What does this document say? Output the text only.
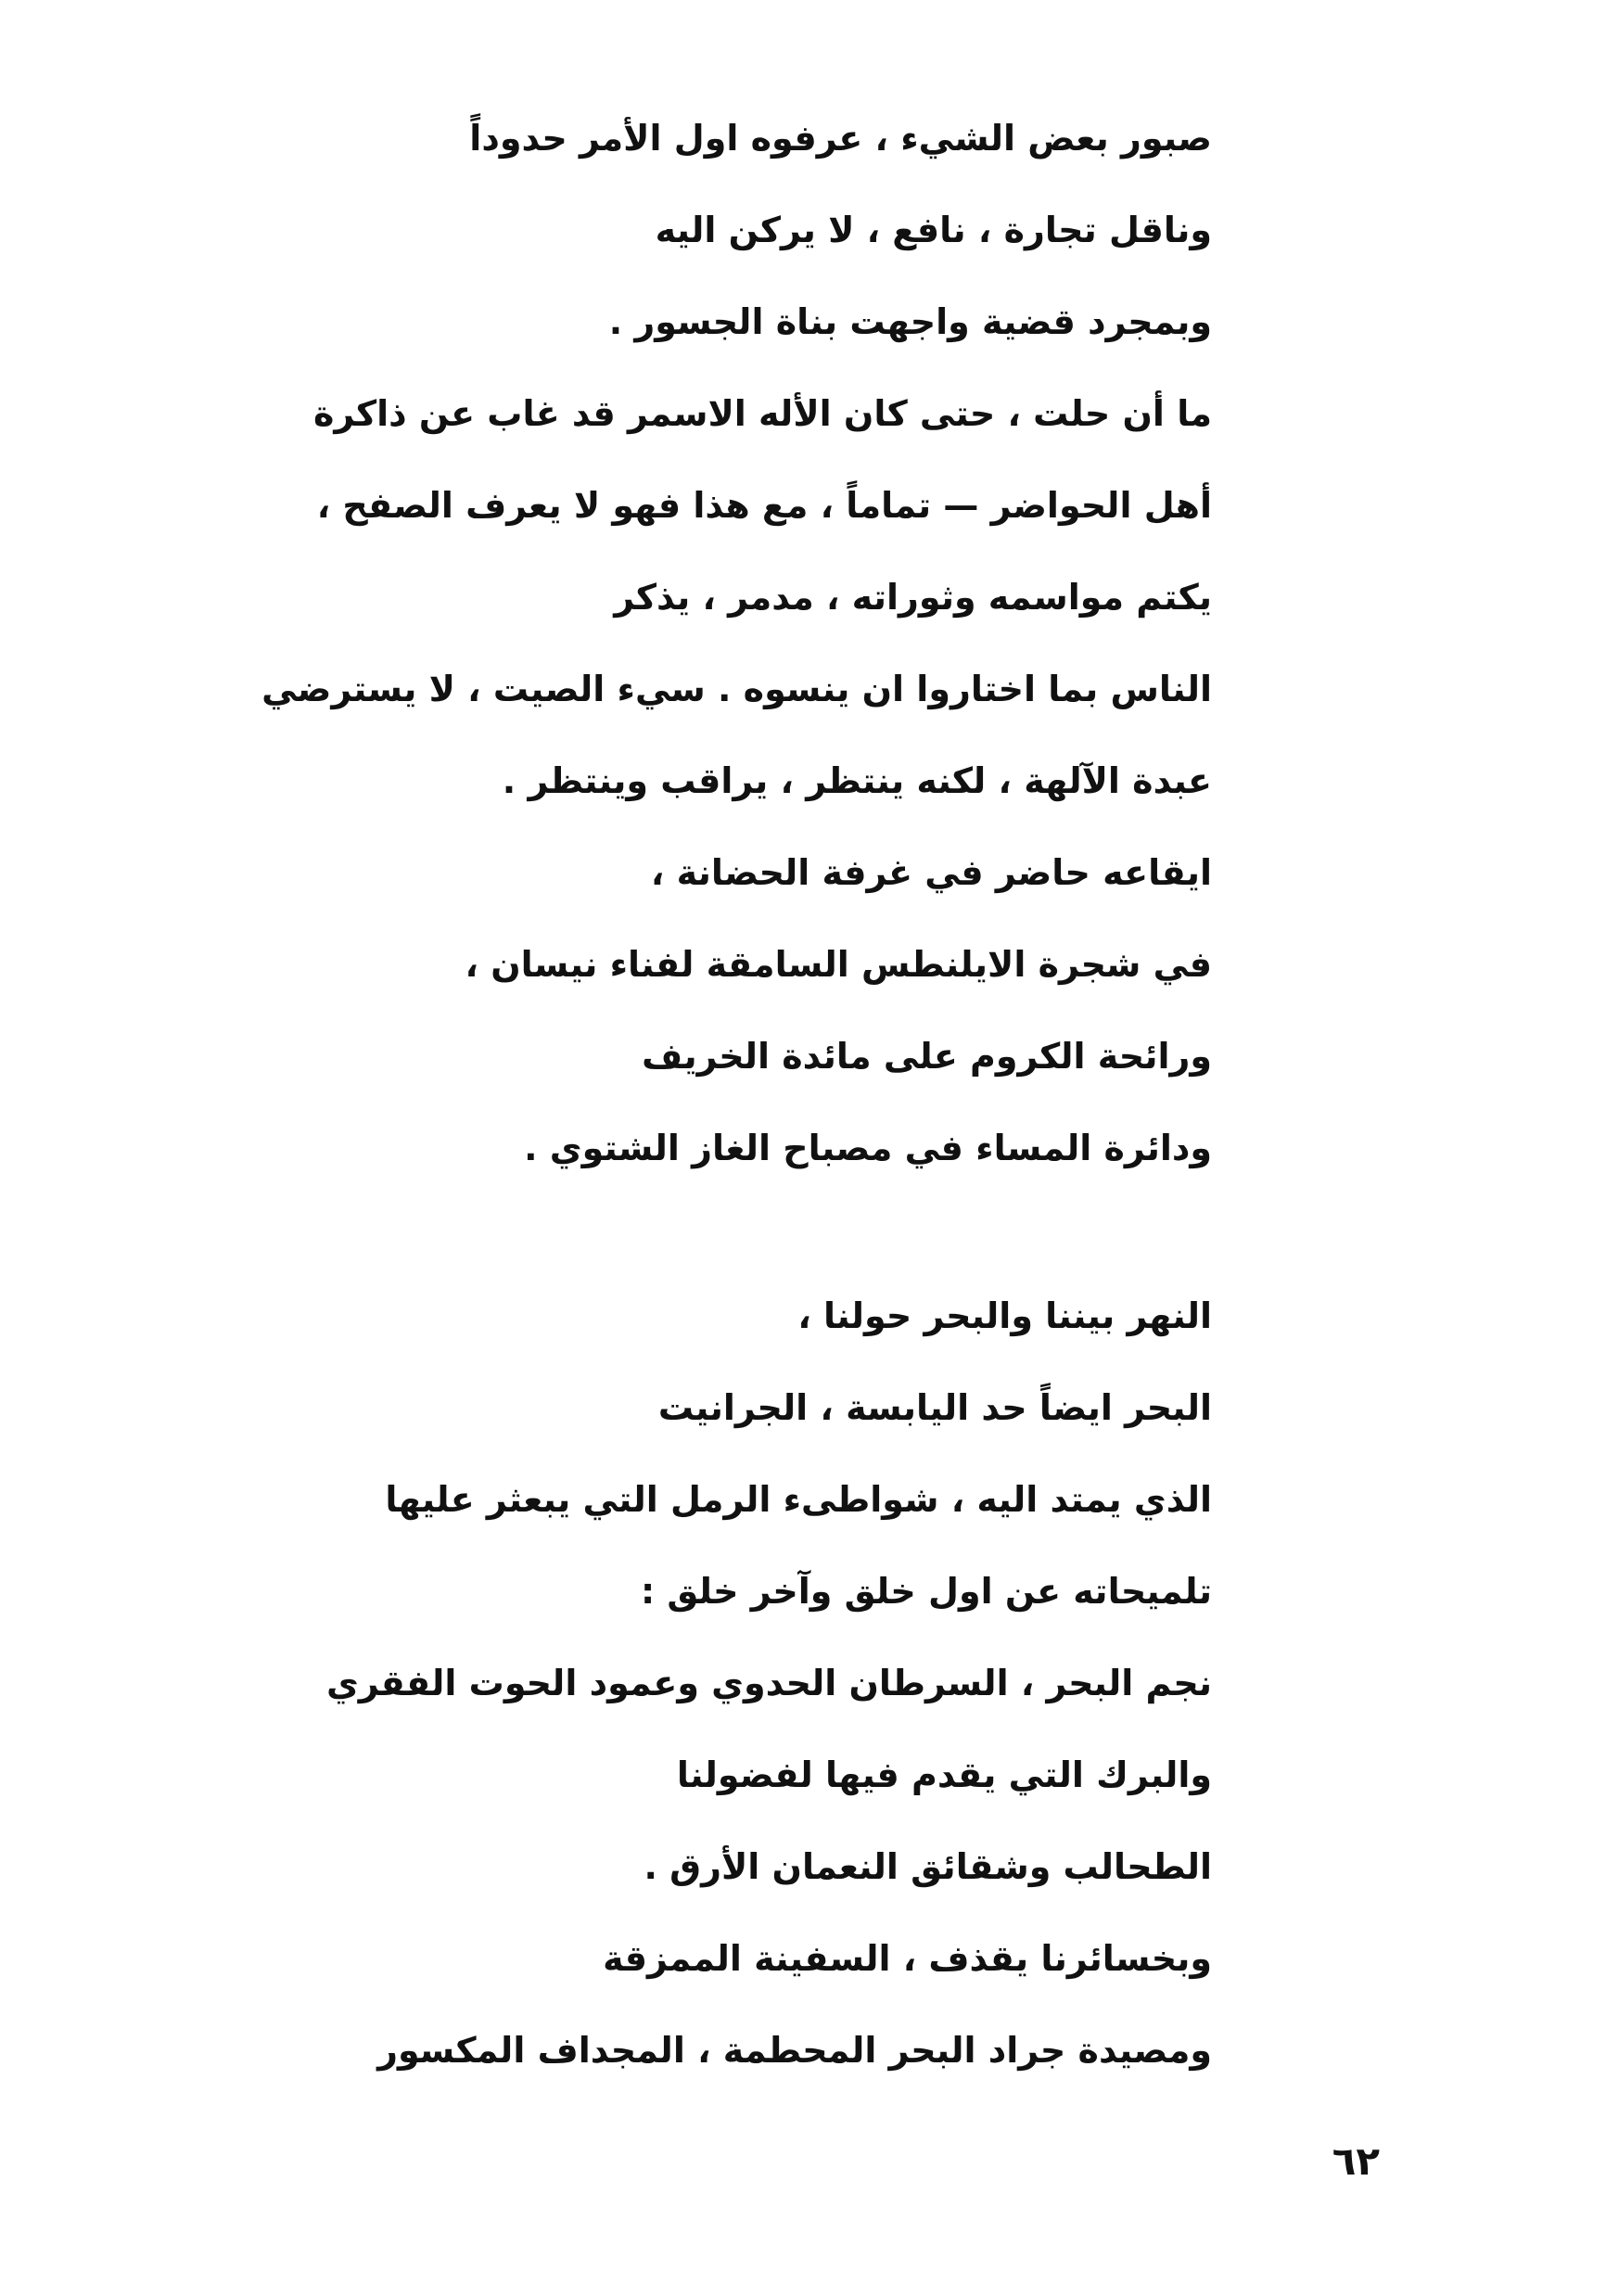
صبور بعض الشيء ، عرفوه اول الأمر حدوداً
وناقل تجارة ، نافع ، لا يركن اليه
وبمجرد قضية واجهت بناة الجسور .
ما أن حلت ، حتى كان الأله الاسمر قد غاب عن ذاكرة
أهل الحواضر — تماماً ، مع هذا فهو لا يعرف الصفح ،
يكتم مواسمه وثوراته ، مدمر ، يذكر
الناس بما اختاروا ان ينسوه . سيء الصيت ، لا يسترضي
عبدة الآلهة ، لكنه ينتظر ، يراقب وينتظر .
ايقاعه حاضر في غرفة الحضانة ،
في شجرة الايلنطس السامقة لفناء نيسان ،
ورائحة الكروم على مائدة الخريف
ودائرة المساء في مصباح الغاز الشتوي .
النهر بيننا والبحر حولنا ،
البحر ايضاً حد اليابسة ، الجرانيت
الذي يمتد اليه ، شواطىء الرمل التي يبعثر عليها
تلميحاته عن اول خلق وآخر خلق :
نجم البحر ، السرطان الحدوي وعمود الحوت الفقري
والبرك التي يقدم فيها لفضولنا
الطحالب وشقائق النعمان الأرق .
وبخسائرنا يقذف ، السفينة الممزقة
ومصيدة جراد البحر المحطمة ، المجداف المكسور
٦٢
